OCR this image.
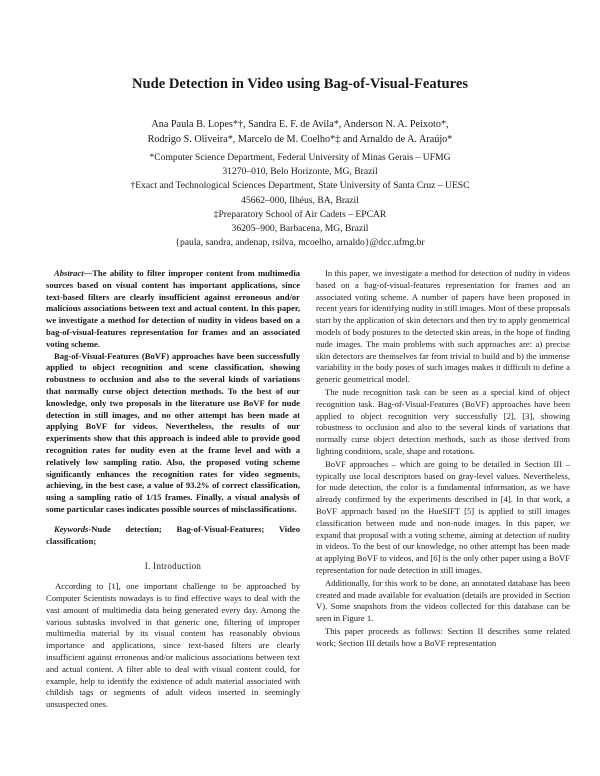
Nude Detection in Video using Bag-of-Visual-Features
Ana Paula B. Lopes*†, Sandra E. F. de Avila*, Anderson N. A. Peixoto*,
Rodrigo S. Oliveira*, Marcelo de M. Coelho*‡ and Arnaldo de A. Araújo*
*Computer Science Department, Federal University of Minas Gerais – UFMG
31270–010, Belo Horizonte, MG, Brazil
†Exact and Technological Sciences Department, State University of Santa Cruz – UESC
45662–000, Ilhéus, BA, Brazil
‡Preparatory School of Air Cadets – EPCAR
36205–900, Barbacena, MG, Brazil
{paula, sandra, andenap, rsilva, mcoelho, arnaldo}@dcc.ufmg.br

Abstract—The ability to filter improper content from multimedia sources based on visual content has important applications, since text-based filters are clearly insufficient against erroneous and/or malicious associations between text and actual content. In this paper, we investigate a method for detection of nudity in videos based on a bag-of-visual-features representation for frames and an associated voting scheme.

Bag-of-Visual-Features (BoVF) approaches have been successfully applied to object recognition and scene classification, showing robustness to occlusion and also to the several kinds of variations that normally curse object detection methods. To the best of our knowledge, only two proposals in the literature use BoVF for nude detection in still images, and no other attempt has been made at applying BoVF for videos. Nevertheless, the results of our experiments show that this approach is indeed able to provide good recognition rates for nudity even at the frame level and with a relatively low sampling ratio. Also, the proposed voting scheme significantly enhances the recognition rates for video segments, achieving, in the best case, a value of 93.2% of correct classification, using a sampling ratio of 1/15 frames. Finally, a visual analysis of some particular cases indicates possible sources of misclassifications.

Keywords-Nude detection; Bag-of-Visual-Features; Video classification;
I. Introduction

According to [1], one important challenge to be approached by Computer Scientists nowadays is to find effective ways to deal with the vast amount of multimedia data being generated every day. Among the various subtasks involved in that generic one, filtering of improper multimedia material by its visual content has reasonably obvious importance and applications, since text-based filters are clearly insufficient against erroneous and/or malicious associations between text and actual content. A filter able to deal with visual content could, for example, help to identify the existence of adult material associated with childish tags or segments of adult videos inserted in seemingly unsuspected ones.

In this paper, we investigate a method for detection of nudity in videos based on a bag-of-visual-features representation for frames and an associated voting scheme. A number of papers have been proposed in recent years for identifying nudity in still images. Most of these proposals start by the application of skin detectors and then try to apply geometrical models of body postures to the detected skin areas, in the hope of finding nude images. The main problems with such approaches are: a) precise skin detectors are themselves far from trivial to build and b) the immense variability in the body poses of such images makes it difficult to define a generic geometrical model.

The nude recognition task can be seen as a special kind of object recognition task. Bag-of-Visual-Features (BoVF) approaches have been applied to object recognition very successfully [2], [3], showing robustness to occlusion and also to the several kinds of variations that normally curse object detection methods, such as those derived from lighting conditions, scale, shape and rotations.

BoVF approaches – which are going to be detailed in Section III – typically use local descriptors based on gray-level values. Nevertheless, for nude detection, the color is a fundamental information, as we have already confirmed by the experiments described in [4]. In that work, a BoVF approach based on the HueSIFT [5] is applied to still images classification between nude and non-nude images. In this paper, we expand that proposal with a voting scheme, aiming at detection of nudity in videos. To the best of our knowledge, no other attempt has been made at applying BoVF to videos, and [6] is the only other paper using a BoVF representation for nude detection in still images.

Additionally, for this work to be done, an annotated database has been created and made available for evaluation (details are provided in Section V). Some snapshots from the videos collected for this database can be seen in Figure 1.

This paper proceeds as follows: Section II describes some related work; Section III details how a BoVF representation
